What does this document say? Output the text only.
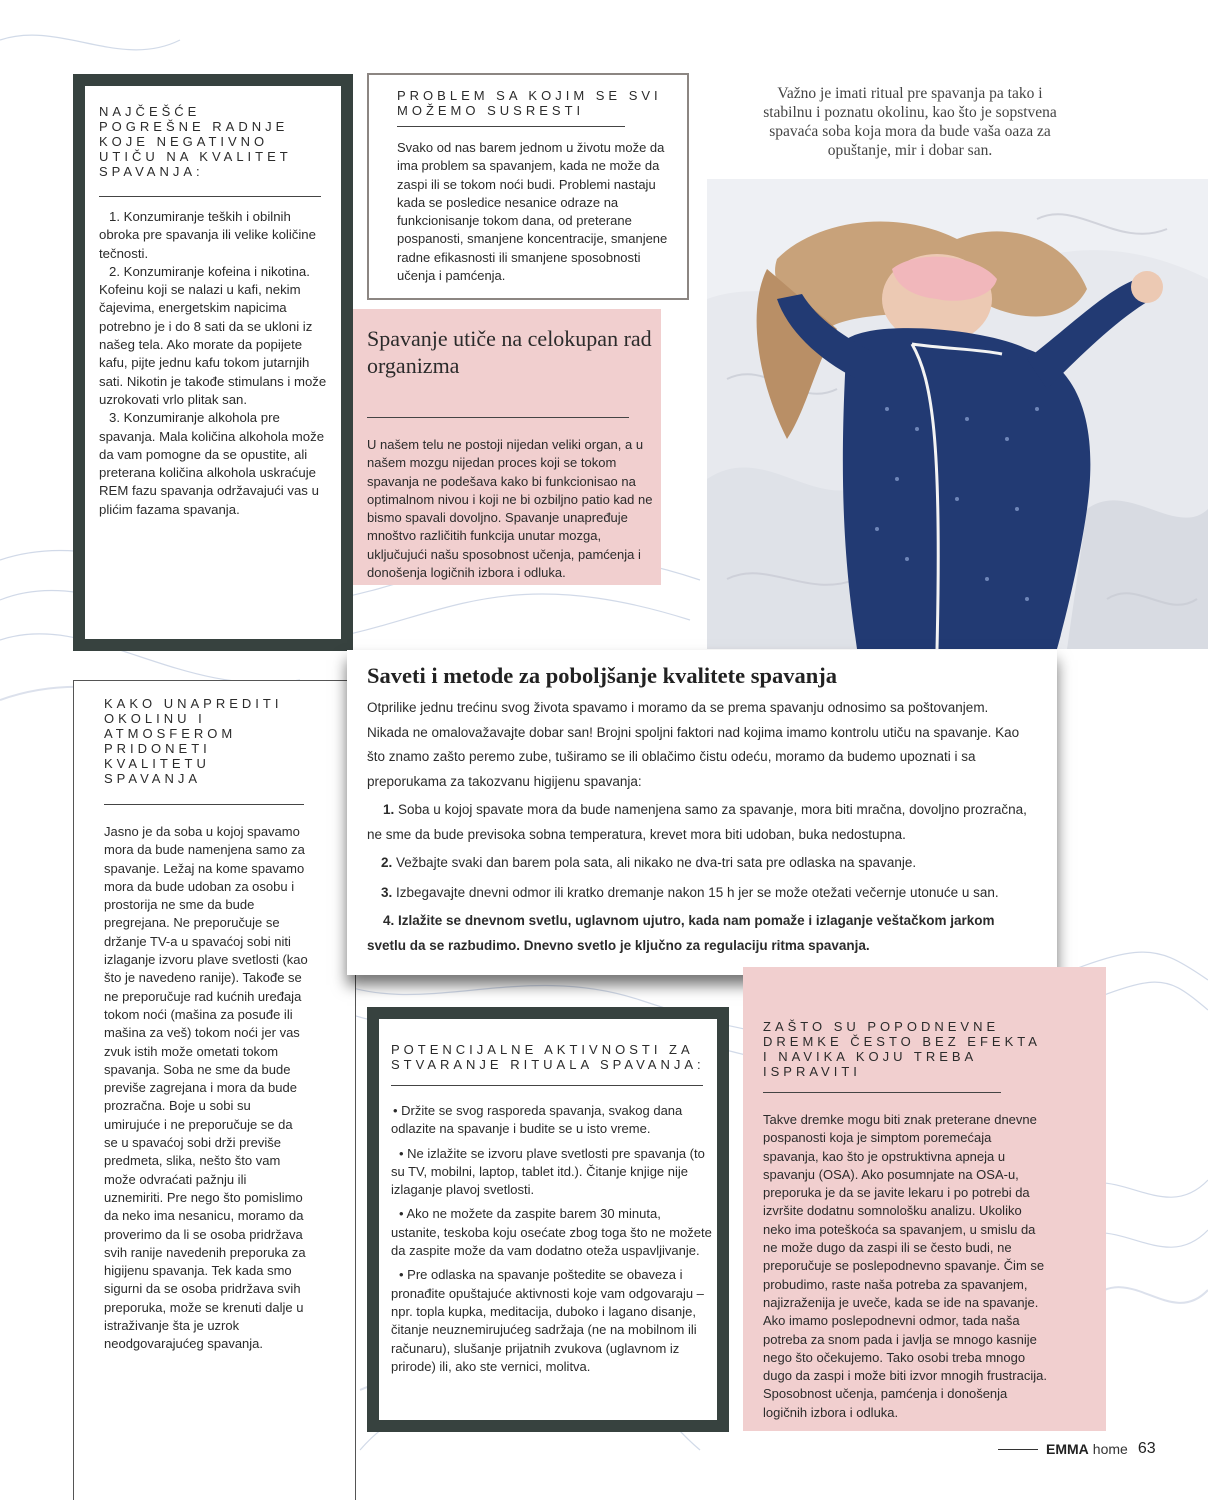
NAJČEŠĆE POGREŠNE RADNJE KOJE NEGATIVNO UTIČU NA KVALITET SPAVANJA:

1. Konzumiranje teških i obilnih obroka pre spavanja ili velike količine tečnosti.

2. Konzumiranje kofeina i nikotina. Kofeinu koji se nalazi u kafi, nekim čajevima, energetskim napicima potrebno je i do 8 sati da se ukloni iz našeg tela. Ako morate da popijete kafu, pijte jednu kafu tokom jutarnjih sati. Nikotin je takođe stimulans i može uzrokovati vrlo plitak san.

3. Konzumiranje alkohola pre spavanja. Mala količina alkohola može da vam pomogne da se opustite, ali preterana količina alkohola uskraćuje REM fazu spavanja održavajući vas u plićim fazama spavanja.

PROBLEM SA KOJIM SE SVI MOŽEMO SUSRESTI

Svako od nas barem jednom u životu može da ima problem sa spavanjem, kada ne može da zaspi ili se tokom noći budi. Problemi nastaju kada se posledice nesanice odraze na funkcionisanje tokom dana, od preterane pospanosti, smanjene koncentracije, smanjene radne efikasnosti ili smanjene sposobnosti učenja i pamćenja.

Važno je imati ritual pre spavanja pa tako i stabilnu i poznatu okolinu, kao što je sopstvena spavaća soba koja mora da bude vaša oaza za opuštanje, mir i dobar san.

Spavanje utiče na celokupan rad organizma

U našem telu ne postoji nijedan veliki organ, a u našem mozgu nijedan proces koji se tokom spavanja ne podešava kako bi funkcionisao na optimalnom nivou i koji ne bi ozbiljno patio kad ne bismo spavali dovoljno. Spavanje unapređuje mnoštvo različitih funkcija unutar mozga, uključujući našu sposobnost učenja, pamćenja i donošenja logičnih izbora i odluka.

KAKO UNAPREDITI OKOLINU I ATMOSFEROM PRIDONETI KVALITETU SPAVANJA

Jasno je da soba u kojoj spavamo mora da bude namenjena samo za spavanje. Ležaj na kome spavamo mora da bude udoban za osobu i prostorija ne sme da bude pregrejana. Ne preporučuje se držanje TV-a u spavaćoj sobi niti izlaganje izvoru plave svetlosti (kao što je navedeno ranije). Takođe se ne preporučuje rad kućnih uređaja tokom noći (mašina za posuđe ili mašina za veš) tokom noći jer vas zvuk istih može ometati tokom spavanja. Soba ne sme da bude previše zagrejana i mora da bude prozračna. Boje u sobi su umirujuće i ne preporučuje se da se u spavaćoj sobi drži previše predmeta, slika, nešto što vam može odvraćati pažnju ili uznemiriti. Pre nego što pomislimo da neko ima nesanicu, moramo da proverimo da li se osoba pridržava svih ranije navedenih preporuka za higijenu spavanja. Tek kada smo sigurni da se osoba pridržava svih preporuka, može se krenuti dalje u istraživanje šta je uzrok neodgovarajućeg spavanja.

Saveti i metode za poboljšanje kvalitete spavanja

Otprilike jednu trećinu svog života spavamo i moramo da se prema spavanju odnosimo sa poštovanjem. Nikada ne omalovažavajte dobar san! Brojni spoljni faktori nad kojima imamo kontrolu utiču na spavanje. Kao što znamo zašto peremo zube, tuširamo se ili oblačimo čistu odeću, moramo da budemo upoznati i sa preporukama za takozvanu higijenu spavanja:

1. Soba u kojoj spavate mora da bude namenjena samo za spavanje, mora biti mračna, dovoljno prozračna, ne sme da bude previsoka sobna temperatura, krevet mora biti udoban, buka nedostupna.

2. Vežbajte svaki dan barem pola sata, ali nikako ne dva-tri sata pre odlaska na spavanje.

3. Izbegavajte dnevni odmor ili kratko dremanje nakon 15 h jer se može otežati večernje utonuće u san.

4. Izlažite se dnevnom svetlu, uglavnom ujutro, kada nam pomaže i izlaganje veštačkom jarkom svetlu da se razbudimo. Dnevno svetlo je ključno za regulaciju ritma spavanja.

POTENCIJALNE AKTIVNOSTI ZA STVARANJE RITUALA SPAVANJA:

• Držite se svog rasporeda spavanja, svakog dana odlazite na spavanje i budite se u isto vreme.

• Ne izlažite se izvoru plave svetlosti pre spavanja (to su TV, mobilni, laptop, tablet itd.). Čitanje knjige nije izlaganje plavoj svetlosti.

• Ako ne možete da zaspite barem 30 minuta, ustanite, teskoba koju osećate zbog toga što ne možete da zaspite može da vam dodatno oteža uspavljivanje.

• Pre odlaska na spavanje poštedite se obaveza i pronađite opuštajuće aktivnosti koje vam odgovaraju – npr. topla kupka, meditacija, duboko i lagano disanje, čitanje neuznemirujućeg sadržaja (ne na mobilnom ili računaru), slušanje prijatnih zvukova (uglavnom iz prirode) ili, ako ste vernici, molitva.

ZAŠTO SU POPODNEVNE DREMKE ČESTO BEZ EFEKTA I NAVIKA KOJU TREBA ISPRAVITI

Takve dremke mogu biti znak preterane dnevne pospanosti koja je simptom poremećaja spavanja, kao što je opstruktivna apneja u spavanju (OSA). Ako posumnjate na OSA-u, preporuka je da se javite lekaru i po potrebi da izvršite dodatnu somnološku analizu. Ukoliko neko ima poteškoća sa spavanjem, u smislu da ne može dugo da zaspi ili se često budi, ne preporučuje se poslepodnevno spavanje. Čim se probudimo, raste naša potreba za spavanjem, najizraženija je uveče, kada se ide na spavanje. Ako imamo poslepodnevni odmor, tada naša potreba za snom pada i javlja se mnogo kasnije nego što očekujemo. Tako osobi treba mnogo dugo da zaspi i može biti izvor mnogih frustracija. Sposobnost učenja, pamćenja i donošenja logičnih izbora i odluka.

EMMA home 63
